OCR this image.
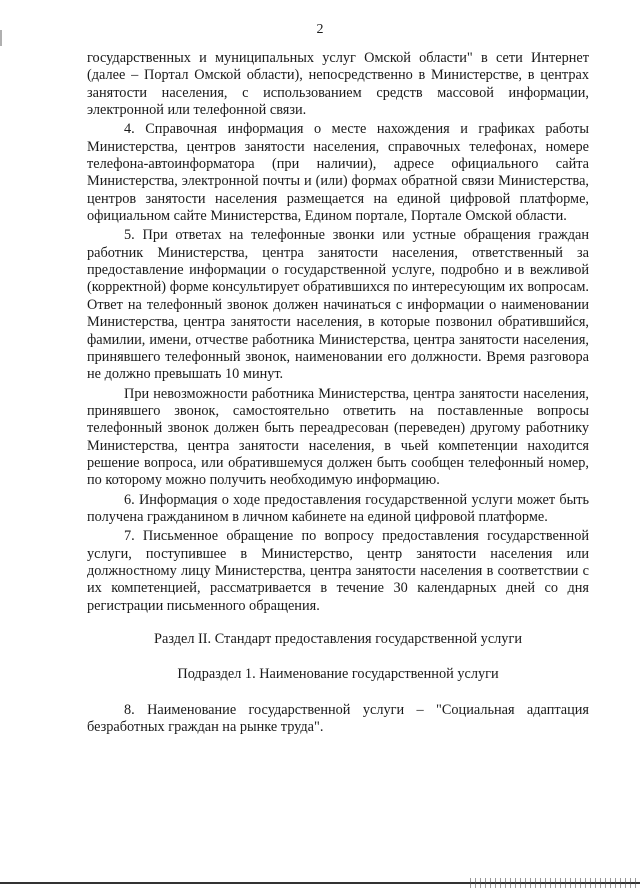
2

государственных и муниципальных услуг Омской области" в сети Интернет (далее – Портал Омской области), непосредственно в Министерстве, в центрах занятости населения, с использованием средств массовой информации, электронной или телефонной связи.

4. Справочная информация о месте нахождения и графиках работы Министерства, центров занятости населения, справочных телефонах, номере телефона-автоинформатора (при наличии), адресе официального сайта Министерства, электронной почты и (или) формах обратной связи Министерства, центров занятости населения размещается на единой цифровой платформе, официальном сайте Министерства, Едином портале, Портале Омской области.

5. При ответах на телефонные звонки или устные обращения граждан работник Министерства, центра занятости населения, ответственный за предоставление информации о государственной услуге, подробно и в вежливой (корректной) форме консультирует обратившихся по интересующим их вопросам. Ответ на телефонный звонок должен начинаться с информации о наименовании Министерства, центра занятости населения, в которые позвонил обратившийся, фамилии, имени, отчестве работника Министерства, центра занятости населения, принявшего телефонный звонок, наименовании его должности. Время разговора не должно превышать 10 минут.

При невозможности работника Министерства, центра занятости населения, принявшего звонок, самостоятельно ответить на поставленные вопросы телефонный звонок должен быть переадресован (переведен) другому работнику Министерства, центра занятости населения, в чьей компетенции находится решение вопроса, или обратившемуся должен быть сообщен телефонный номер, по которому можно получить необходимую информацию.

6. Информация о ходе предоставления государственной услуги может быть получена гражданином в личном кабинете на единой цифровой платформе.

7. Письменное обращение по вопросу предоставления государственной услуги, поступившее в Министерство, центр занятости населения или должностному лицу Министерства, центра занятости населения в соответствии с их компетенцией, рассматривается в течение 30 календарных дней со дня регистрации письменного обращения.

Раздел II. Стандарт предоставления государственной услуги

Подраздел 1. Наименование государственной услуги

8. Наименование государственной услуги – "Социальная адаптация безработных граждан на рынке труда".
